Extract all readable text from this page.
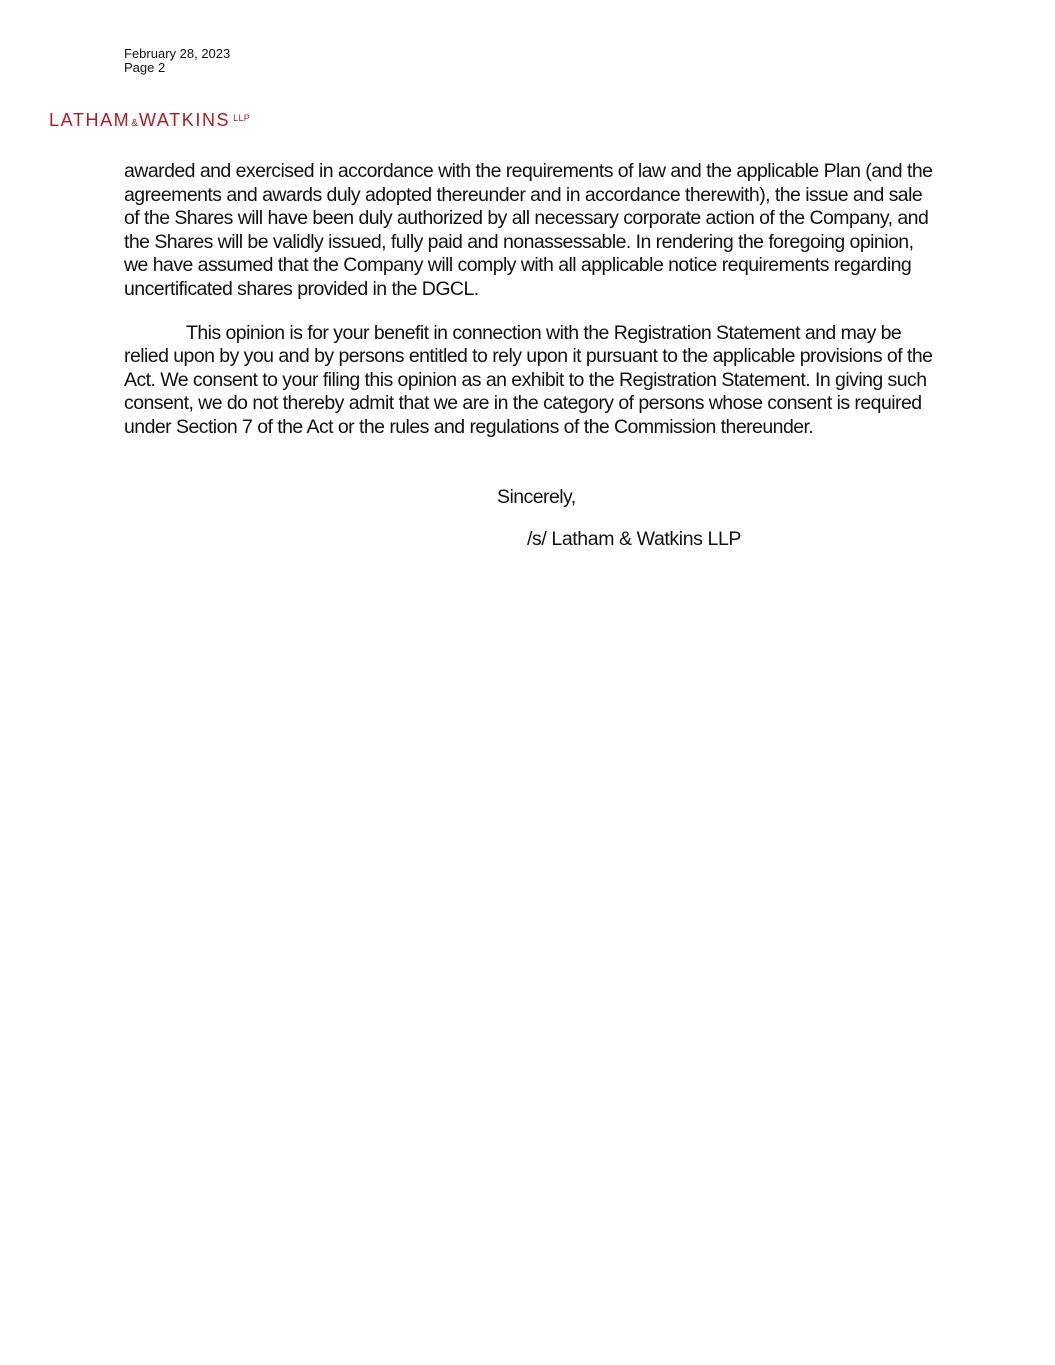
February 28, 2023
Page 2
LATHAM&WATKINS $^{LLP}$

awarded and exercised in accordance with the requirements of law and the applicable Plan (and the agreements and awards duly adopted thereunder and in accordance therewith), the issue and sale of the Shares will have been duly authorized by all necessary corporate action of the Company, and the Shares will be validly issued, fully paid and nonassessable. In rendering the foregoing opinion, we have assumed that the Company will comply with all applicable notice requirements regarding uncertificated shares provided in the DGCL.

This opinion is for your benefit in connection with the Registration Statement and may be relied upon by you and by persons entitled to rely upon it pursuant to the applicable provisions of the Act. We consent to your filing this opinion as an exhibit to the Registration Statement. In giving such consent, we do not thereby admit that we are in the category of persons whose consent is required under Section 7 of the Act or the rules and regulations of the Commission thereunder.

Sincerely,
/s/ Latham & Watkins LLP
